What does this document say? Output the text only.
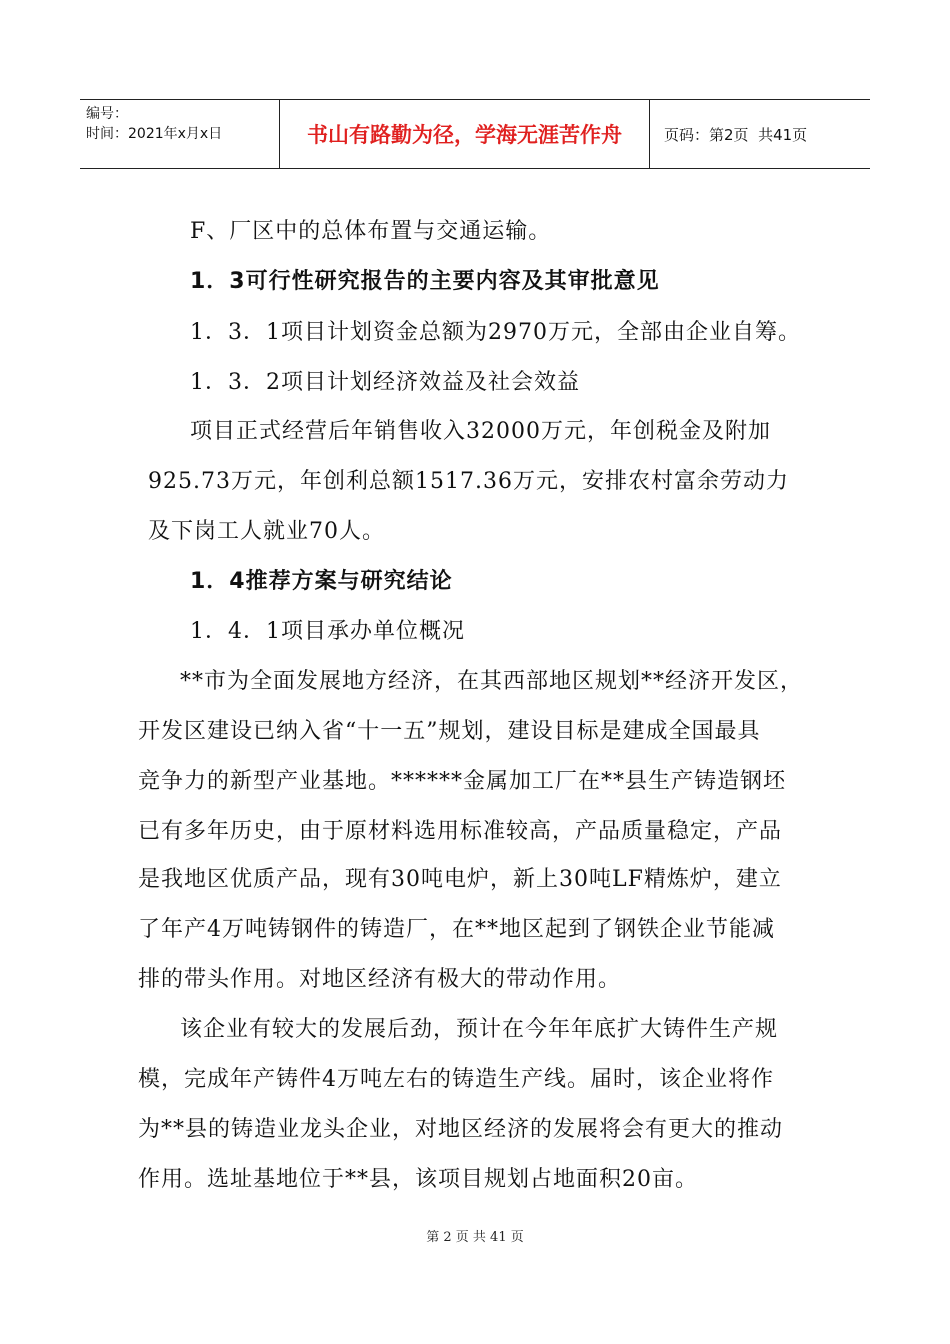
编号：
时间：2021年x月x日	书山有路勤为径，学海无涯苦作舟	页码：第2页  共41页
F、厂区中的总体布置与交通运输。
1．3可行性研究报告的主要内容及其审批意见
1．3．1项目计划资金总额为2970万元，全部由企业自筹。
1．3．2项目计划经济效益及社会效益
项目正式经营后年销售收入32000万元，年创税金及附加
925.73万元，年创利总额1517.36万元，安排农村富余劳动力
及下岗工人就业70人。
1．4推荐方案与研究结论
1．4．1项目承办单位概况
**市为全面发展地方经济，在其西部地区规划**经济开发区，
开发区建设已纳入省“十一五”规划，建设目标是建成全国最具
竞争力的新型产业基地。******金属加工厂在**县生产铸造钢坯
已有多年历史，由于原材料选用标准较高，产品质量稳定，产品
是我地区优质产品，现有30吨电炉，新上30吨LF精炼炉，建立
了年产4万吨铸钢件的铸造厂，在**地区起到了钢铁企业节能减
排的带头作用。对地区经济有极大的带动作用。
该企业有较大的发展后劲，预计在今年年底扩大铸件生产规
模，完成年产铸件4万吨左右的铸造生产线。届时，该企业将作
为**县的铸造业龙头企业，对地区经济的发展将会有更大的推动
作用。选址基地位于**县，该项目规划占地面积20亩。
第 2 页 共 41 页
